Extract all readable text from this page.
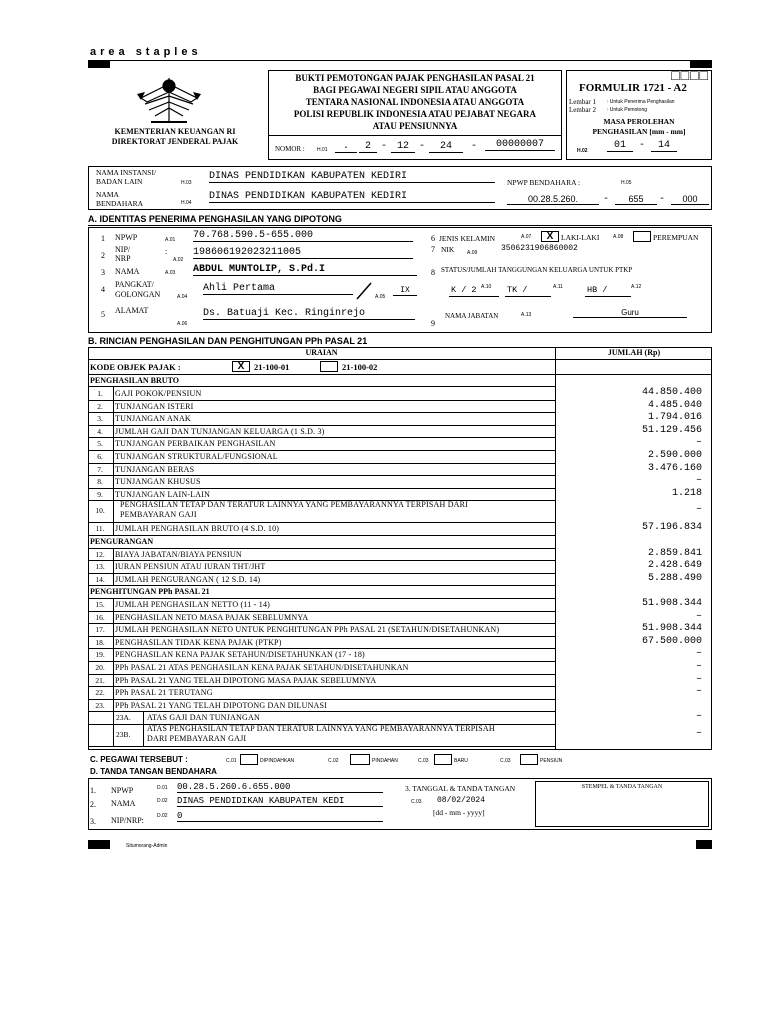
area staples
KEMENTERIAN KEUANGAN RI
DIREKTORAT JENDERAL PAJAK
BUKTI PEMOTONGAN PAJAK PENGHASILAN PASAL 21
BAGI PEGAWAI NEGERI SIPIL ATAU ANGGOTA
TENTARA NASIONAL INDONESIA ATAU ANGGOTA
POLISI REPUBLIK INDONESIA ATAU PEJABAT NEGARA
ATAU PENSIUNNYA
NOMOR : H.01	.	2 - 12 -	24	-	00000007
□□□□
FORMULIR 1721 - A2
Lembar 1 : Untuk Penerima Penghasilan
Lembar 2 : Untuk Pemotong
MASA PEROLEHAN
PENGHASILAN [mm - mm]
H.02	01	-	14
NAMA INSTANSI/
BADAN LAIN	H.03
DINAS PENDIDIKAN KABUPATEN KEDIRI
NAMA
BENDAHARA	H.04
DINAS PENDIDIKAN KABUPATEN KEDIRI
NPWP BENDAHARA :	H.05
00.28.5.260.	-	655	-	000
A. IDENTITAS PENERIMA PENGHASILAN YANG DIPOTONG
1 NPWP	A.01 70.768.590.5-655.000
2
NIP/
NRP
:
A.02
198606192023211005
3 NAMA	A.03 ABDUL MUNTOLIP, S.Pd.I
4
PANGKAT/
GOLONGAN	A.04
Ahli Pertama
A.05
IX
5 ALAMAT
A.06
Ds. Batuaji Kec. Ringinrejo
6 JENIS KELAMIN	A.07	X	LAKI-LAKI	A.08	PEREMPUAN
7 NIK	A.09	3506231906860002
8 STATUS/JUMLAH TANGGUNGAN KELUARGA UNTUK PTKP
K / 2 A.10 TK /	A.11	HB /	A.12
9
NAMA JABATAN	A.13	Guru
B. RINCIAN PENGHASILAN DAN PENGHITUNGAN PPh PASAL 21
URAIAN	JUMLAH (Rp)
KODE OBJEK PAJAK :	X	21-100-01	21-100-02
PENGHASILAN BRUTO
1.	GAJI POKOK/PENSIUN	44.850.400
2.	TUNJANGAN ISTERI	4.485.040
3.	TUNJANGAN ANAK	1.794.016
4.	JUMLAH GAJI DAN TUNJANGAN KELUARGA (1 S.D. 3)	51.129.456
5.	TUNJANGAN PERBAIKAN PENGHASILAN	–
6.	TUNJANGAN STRUKTURAL/FUNGSIONAL	2.590.000
7.	TUNJANGAN BERAS	3.476.160
8.	TUNJANGAN KHUSUS	–
9.	TUNJANGAN LAIN-LAIN	1.218
10.
PENGHASILAN TETAP DAN TERATUR LAINNYA YANG PEMBAYARANNYA TERPISAH DARI
PEMBAYARAN GAJI	–
11.	JUMLAH PENGHASILAN BRUTO (4 S.D. 10)	57.196.834
12.	BIAYA JABATAN/BIAYA PENSIUN	2.859.841
13.	IURAN PENSIUN ATAU IURAN THT/JHT	2.428.649
14.	JUMLAH PENGURANGAN ( 12 S.D. 14)	5.288.490
15.	JUMLAH PENGHASILAN NETTO (11 - 14)	51.908.344
16.	PENGHASILAN NETO MASA PAJAK SEBELUMNYA	–
17.	JUMLAH PENGHASILAN NETO UNTUK PENGHITUNGAN PPh PASAL 21 (SETAHUN/DISETAHUNKAN)	51.908.344
18.	PENGHASILAN TIDAK KENA PAJAK (PTKP)	67.500.000
19.	PENGHASILAN KENA PAJAK SETAHUN/DISETAHUNKAN (17 - 18)	–
20.	PPh PASAL 21 ATAS PENGHASILAN KENA PAJAK SETAHUN/DISETAHUNKAN	–
21.	PPh PASAL 21 YANG TELAH DIPOTONG MASA PAJAK SEBELUMNYA	–
22.	PPh PASAL 21 TERUTANG	–
23.	PPh PASAL 21 YANG TELAH DIPOTONG DAN DILUNASI
23A.	ATAS GAJI DAN TUNJANGAN	–
23B.
ATAS PENGHASILAN TETAP DAN TERATUR LAINNYA YANG PEMBAYARANNYA TERPISAH
DARI PEMBAYARAN GAJI	–
PENGURANGAN
PENGHITUNGAN PPh PASAL 21
C. PEGAWAI TERSEBUT :	C.01	DIPINDAHKAN	C.02	PINDAHAN	C.03	BARU	C.03	PENSIUN
D. TANDA TANGAN BENDAHARA
1. NPWP	D.01 00.28.5.260.6.655.000
2. NAMA	D.02 DINAS PENDIDIKAN KABUPATEN KEDI
3. NIP/NRP:	D.02 0
3. TANGGAL & TANDA TANGAN
C.03 08/02/2024
[dd - mm - yyyy]
STEMPEL & TANDA TANGAN
Situmorang-Admin
